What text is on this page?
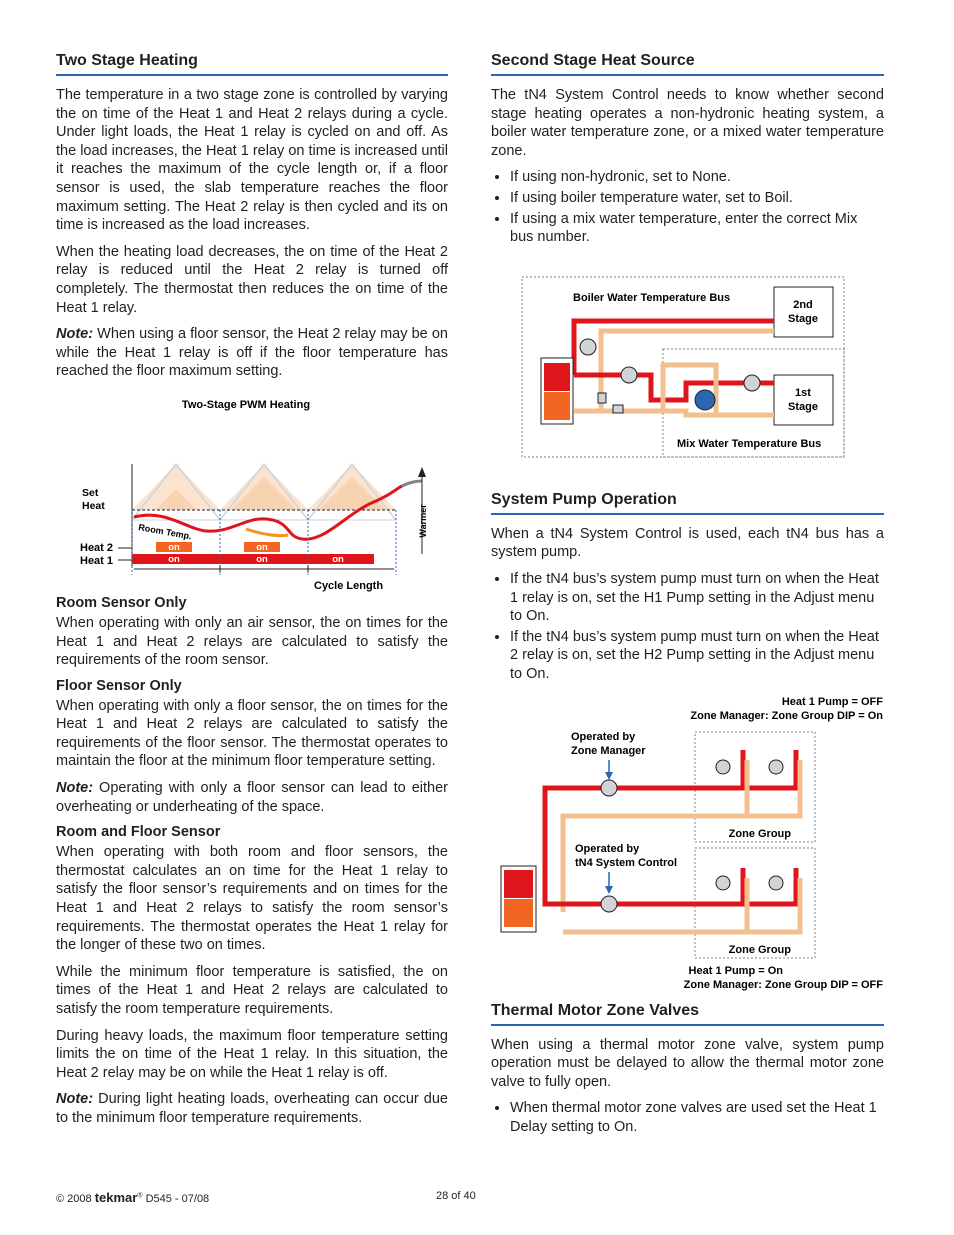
Two Stage Heating

The temperature in a two stage zone is controlled by varying the on time of the Heat 1 and Heat 2 relays during a cycle. Under light loads, the Heat 1 relay is cycled on and off. As the load increases, the Heat 1 relay on time is increased until it reaches the maximum of the cycle length or, if a floor sensor is used, the slab temperature reaches the floor maximum setting. The Heat 2 relay is then cycled and its on time is increased as the load increases.

When the heating load decreases, the on time of the Heat 2 relay is reduced until the Heat 2 relay is turned off completely. The thermostat then reduces the on time of the Heat 1 relay.

Note: When using a floor sensor, the Heat 2 relay may be on while the Heat 1 relay is off if the floor temperature has reached the floor maximum setting.

Two-Stage PWM Heating
Set
Heat
Room Temp.	Warmer
Heat 2
Heat 1
on	on
on	on	on
Cycle Length
Room Sensor Only

When operating with only an air sensor, the on times for the Heat 1 and Heat 2 relays are calculated to satisfy the requirements of the room sensor.

Floor Sensor Only

When operating with only a floor sensor, the on times for the Heat 1 and Heat 2 relays are calculated to satisfy the requirements of the floor sensor. The thermostat operates to maintain the floor at the minimum floor temperature setting.

Note: Operating with only a floor sensor can lead to either overheating or underheating of the space.

Room and Floor Sensor

When operating with both room and floor sensors, the thermostat calculates an on time for the Heat 1 relay to satisfy the floor sensor’s requirements and on times for the Heat 1 and Heat 2 relays to satisfy the room sensor’s requirements. The thermostat operates the Heat 1 relay for the longer of these two on times.

While the minimum floor temperature is satisfied, the on times of the Heat 1 and Heat 2 relays are calculated to satisfy the room temperature requirements.

During heavy loads, the maximum floor temperature setting limits the on time of the Heat 1 relay. In this situation, the Heat 2 relay may be on while the Heat 1 relay is off.

Note: During light heating loads, overheating can occur due to the minimum floor temperature requirements.

Second Stage Heat Source

The tN4 System Control needs to know whether second stage heating operates a non-hydronic heating system, a boiler water temperature zone, or a mixed water temperature zone.

• If using non-hydronic, set to None.
• If using boiler temperature water, set to Boil.
• If using a mix water temperature, enter the correct Mix bus number.
Boiler Water Temperature Bus
2nd
Stage
1st
Stage
Mix Water Temperature Bus
System Pump Operation

When a tN4 System Control is used, each tN4 bus has a system pump.

• If the tN4 bus’s system pump must turn on when the Heat 1 relay is on, set the H1 Pump setting in the Adjust menu to On.
• If the tN4 bus’s system pump must turn on when the Heat 2 relay is on, set the H2 Pump setting in the Adjust menu to On.
Heat 1 Pump = OFF
Zone Manager: Zone Group DIP = On
Operated by
Zone Manager
Zone Group
Zone Group
Operated by
tN4 System Control
Heat 1 Pump = On
Zone Manager: Zone Group DIP = OFF
Thermal Motor Zone Valves

When using a thermal motor zone valve, system pump operation must be delayed to allow the thermal motor zone valve to fully open.

• When thermal motor zone valves are used set the Heat 1 Delay setting to On.
© 2008 tekmar® D545 - 07/08	28 of 40
